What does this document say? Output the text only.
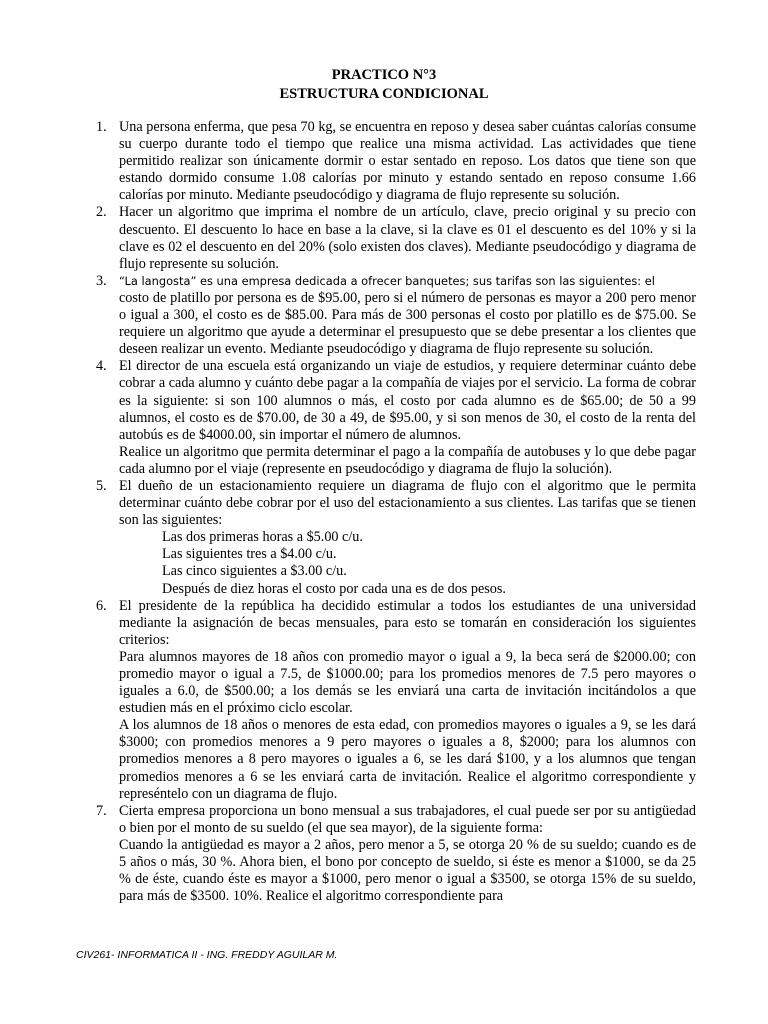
PRACTICO N°3
ESTRUCTURA CONDICIONAL
1. Una persona enferma, que pesa 70 kg, se encuentra en reposo y desea saber cuántas calorías consume su cuerpo durante todo el tiempo que realice una misma actividad. Las actividades que tiene permitido realizar son únicamente dormir o estar sentado en reposo. Los datos que tiene son que estando dormido consume 1.08 calorías por minuto y estando sentado en reposo consume 1.66 calorías por minuto. Mediante pseudocódigo y diagrama de flujo represente su solución.

2. Hacer un algoritmo que imprima el nombre de un artículo, clave, precio original y su precio con descuento. El descuento lo hace en base a la clave, si la clave es 01 el descuento es del 10% y si la clave es 02 el descuento en del 20% (solo existen dos claves). Mediante pseudocódigo y diagrama de flujo represente su solución.

3. “La langosta” es una empresa dedicada a ofrecer banquetes; sus tarifas son las siguientes: el

costo de platillo por persona es de $95.00, pero si el número de personas es mayor a 200 pero menor o igual a 300, el costo es de $85.00. Para más de 300 personas el costo por platillo es de $75.00. Se requiere un algoritmo que ayude a determinar el presupuesto que se debe presentar a los clientes que deseen realizar un evento. Mediante pseudocódigo y diagrama de flujo represente su solución.

4. El director de una escuela está organizando un viaje de estudios, y requiere determinar cuánto debe cobrar a cada alumno y cuánto debe pagar a la compañía de viajes por el servicio. La forma de cobrar es la siguiente: si son 100 alumnos o más, el costo por cada alumno es de $65.00; de 50 a 99 alumnos, el costo es de $70.00, de 30 a 49, de $95.00, y si son menos de 30, el costo de la renta del autobús es de $4000.00, sin importar el número de alumnos.

Realice un algoritmo que permita determinar el pago a la compañía de autobuses y lo que debe pagar cada alumno por el viaje (represente en pseudocódigo y diagrama de flujo la solución).

5. El dueño de un estacionamiento requiere un diagrama de flujo con el algoritmo que le permita determinar cuánto debe cobrar por el uso del estacionamiento a sus clientes. Las tarifas que se tienen son las siguientes:

Las dos primeras horas a $5.00 c/u.
Las siguientes tres a $4.00 c/u.
Las cinco siguientes a $3.00 c/u.
Después de diez horas el costo por cada una es de dos pesos.
6. El presidente de la república ha decidido estimular a todos los estudiantes de una universidad mediante la asignación de becas mensuales, para esto se tomarán en consideración los siguientes criterios:

Para alumnos mayores de 18 años con promedio mayor o igual a 9, la beca será de $2000.00; con promedio mayor o igual a 7.5, de $1000.00; para los promedios menores de 7.5 pero mayores o iguales a 6.0, de $500.00; a los demás se les enviará una carta de invitación incitándolos a que estudien más en el próximo ciclo escolar.

A los alumnos de 18 años o menores de esta edad, con promedios mayores o iguales a 9, se les dará $3000; con promedios menores a 9 pero mayores o iguales a 8, $2000; para los alumnos con promedios menores a 8 pero mayores o iguales a 6, se les dará $100, y a los alumnos que tengan promedios menores a 6 se les enviará carta de invitación. Realice el algoritmo correspondiente y represéntelo con un diagrama de flujo.

7. Cierta empresa proporciona un bono mensual a sus trabajadores, el cual puede ser por su antigüedad o bien por el monto de su sueldo (el que sea mayor), de la siguiente forma:

Cuando la antigüedad es mayor a 2 años, pero menor a 5, se otorga 20 % de su sueldo; cuando es de 5 años o más, 30 %. Ahora bien, el bono por concepto de sueldo, si éste es menor a $1000, se da 25 % de éste, cuando éste es mayor a $1000, pero menor o igual a $3500, se otorga 15% de su sueldo, para más de $3500. 10%. Realice el algoritmo correspondiente para

CIV261- INFORMATICA II - ING. FREDDY AGUILAR M.
